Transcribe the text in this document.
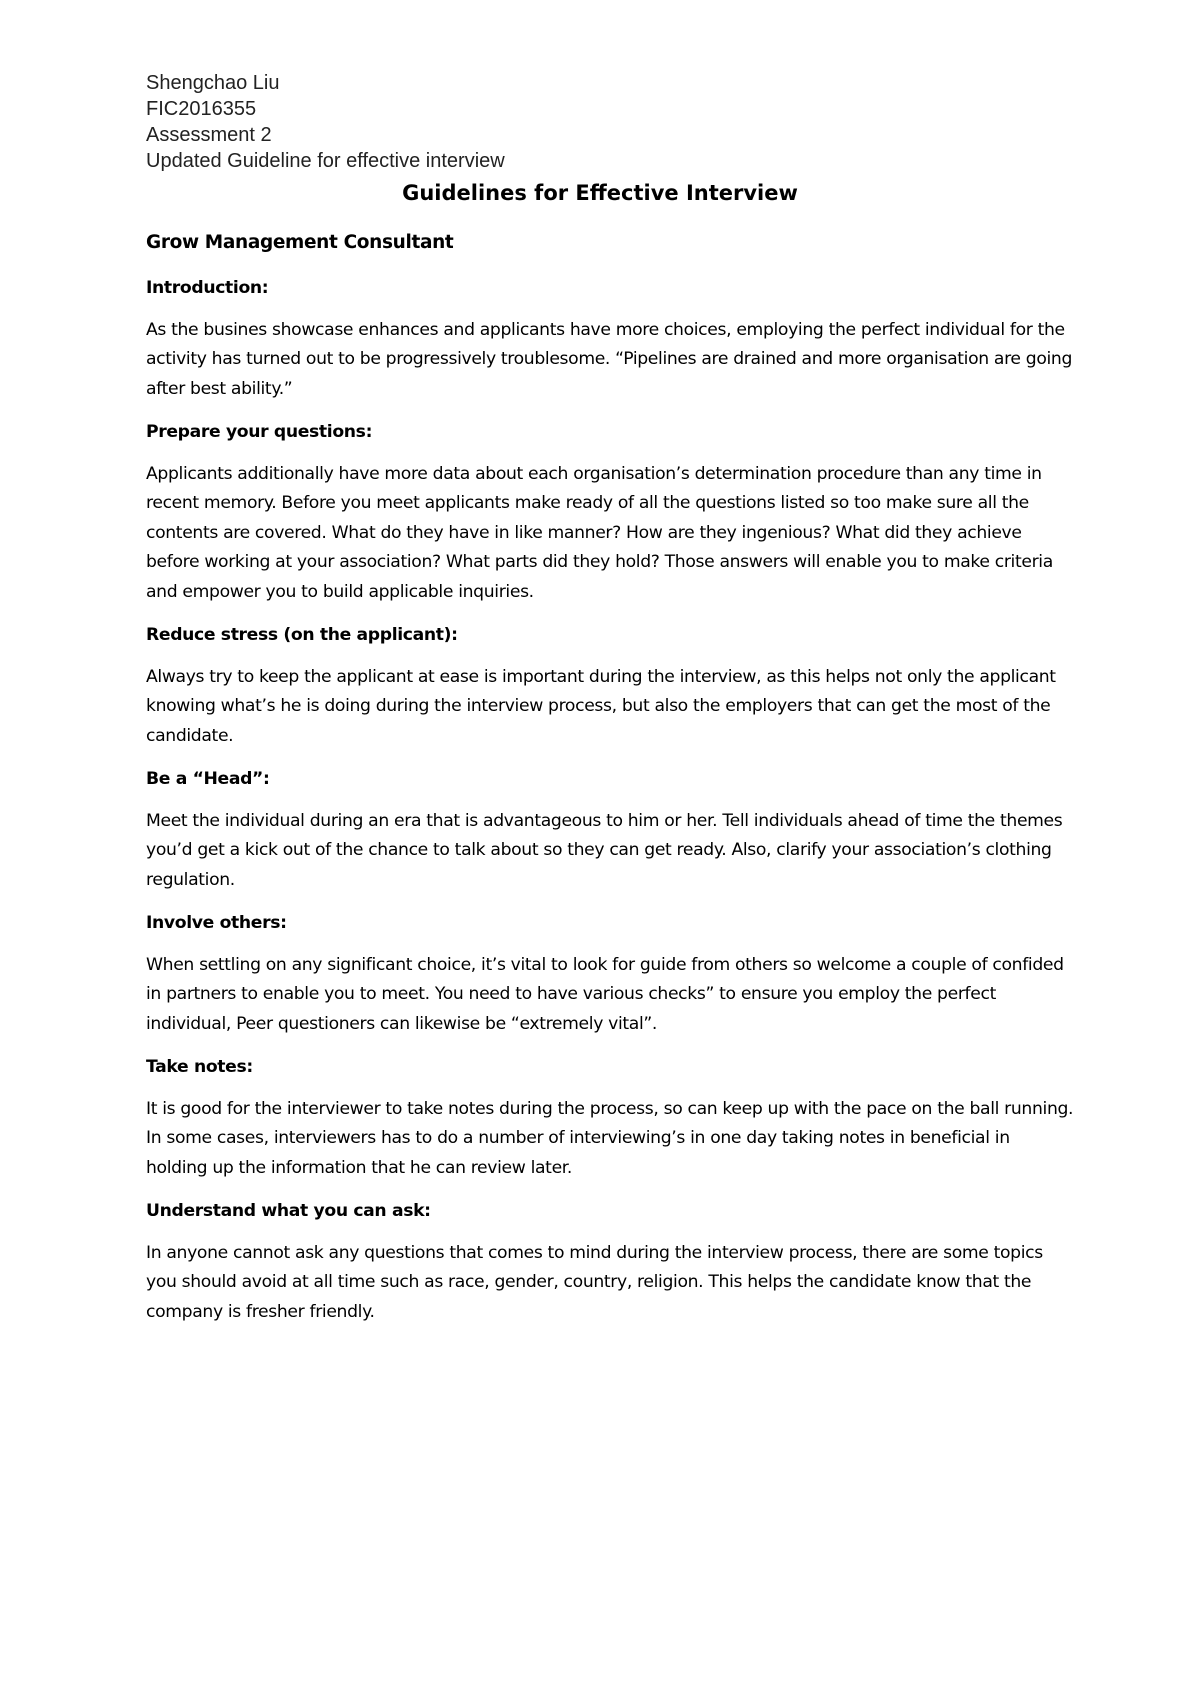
Shengchao Liu
FIC2016355
Assessment 2
Updated Guideline for effective interview
Guidelines for Effective Interview

Grow Management Consultant

Introduction:

As the busines showcase enhances and applicants have more choices, employing the perfect individual for the activity has turned out to be progressively troublesome. “Pipelines are drained and more organisation are going after best ability.”

Prepare your questions:

Applicants additionally have more data about each organisation’s determination procedure than any time in recent memory. Before you meet applicants make ready of all the questions listed so too make sure all the contents are covered. What do they have in like manner? How are they ingenious? What did they achieve before working at your association? What parts did they hold? Those answers will enable you to make criteria and empower you to build applicable inquiries.

Reduce stress (on the applicant):

Always try to keep the applicant at ease is important during the interview, as this helps not only the applicant knowing what’s he is doing during the interview process, but also the employers that can get the most of the candidate.

Be a “Head”:

Meet the individual during an era that is advantageous to him or her. Tell individuals ahead of time the themes you’d get a kick out of the chance to talk about so they can get ready. Also, clarify your association’s clothing regulation.

Involve others:

When settling on any significant choice, it’s vital to look for guide from others so welcome a couple of confided in partners to enable you to meet. You need to have various checks” to ensure you employ the perfect individual, Peer questioners can likewise be “extremely vital”.

Take notes:

It is good for the interviewer to take notes during the process, so can keep up with the pace on the ball running. In some cases, interviewers has to do a number of interviewing’s in one day taking notes in beneficial in holding up the information that he can review later.

Understand what you can ask:

In anyone cannot ask any questions that comes to mind during the interview process, there are some topics you should avoid at all time such as race, gender, country, religion. This helps the candidate know that the company is fresher friendly.
